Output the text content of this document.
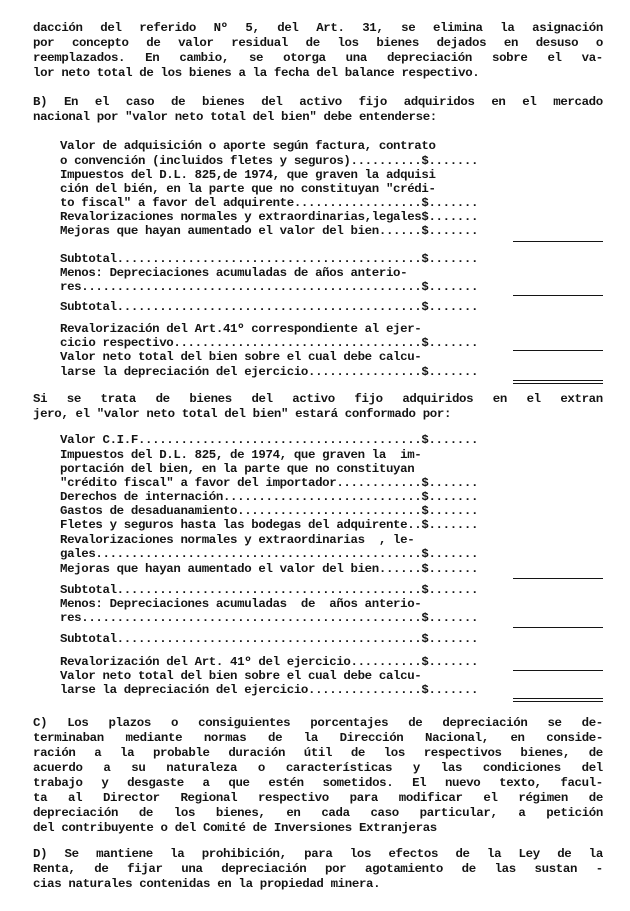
dacción del referido Nº 5, del Art. 31, se elimina la asignación
por concepto de valor residual de los bienes dejados en desuso o
reemplazados. En cambio, se otorga una depreciación sobre el va-
lor neto total de los bienes a la fecha del balance respectivo.
B) En el caso de bienes del activo fijo adquiridos en el mercado
nacional por "valor neto total del bien" debe entenderse:
Valor de adquisición o aporte según factura, contrato
o convención (incluidos fletes y seguros)..........$.......
Impuestos del D.L. 825,de 1974, que graven la adquisi
ción del bién, en la parte que no constituyan "crédi-
to fiscal" a favor del adquirente..................$.......
Revalorizaciones normales y extraordinarias,legales$.......
Mejoras que hayan aumentado el valor del bien......$.......
Subtotal...........................................$.......
Menos: Depreciaciones acumuladas de años anterio-
res................................................$.......
Subtotal...........................................$.......
Revalorización del Art.41º correspondiente al ejer-
cicio respectivo...................................$.......
Valor neto total del bien sobre el cual debe calcu-
larse la depreciación del ejercicio................$.......
Si se trata de bienes del activo fijo adquiridos en el extran
jero, el "valor neto total del bien" estará conformado por:
Valor C.I.F........................................$.......
Impuestos del D.L. 825, de 1974, que graven la  im-
portación del bien, en la parte que no constituyan
"crédito fiscal" a favor del importador............$.......
Derechos de internación............................$.......
Gastos de desaduanamiento..........................$.......
Fletes y seguros hasta las bodegas del adquirente..$.......
Revalorizaciones normales y extraordinarias  , le-
gales..............................................$.......
Mejoras que hayan aumentado el valor del bien......$.......
Subtotal...........................................$.......
Menos: Depreciaciones acumuladas  de  años anterio-
res................................................$.......
Subtotal...........................................$.......
Revalorización del Art. 41º del ejercicio..........$.......
Valor neto total del bien sobre el cual debe calcu-
larse la depreciación del ejercicio................$.......
C) Los plazos o consiguientes porcentajes de depreciación se de-
terminaban mediante normas de la Dirección Nacional, en conside-
ración a la probable duración útil de los respectivos bienes, de
acuerdo a su naturaleza o características y las condiciones del
trabajo y desgaste a que estén sometidos. El nuevo texto, facul-
ta al Director Regional respectivo para modificar el régimen de
depreciación de los bienes, en cada caso particular, a petición
del contribuyente o del Comité de Inversiones Extranjeras
D) Se mantiene la prohibición, para los efectos de la Ley de la
Renta, de fijar una depreciación por agotamiento de las sustan -
cias naturales contenidas en la propiedad minera.
